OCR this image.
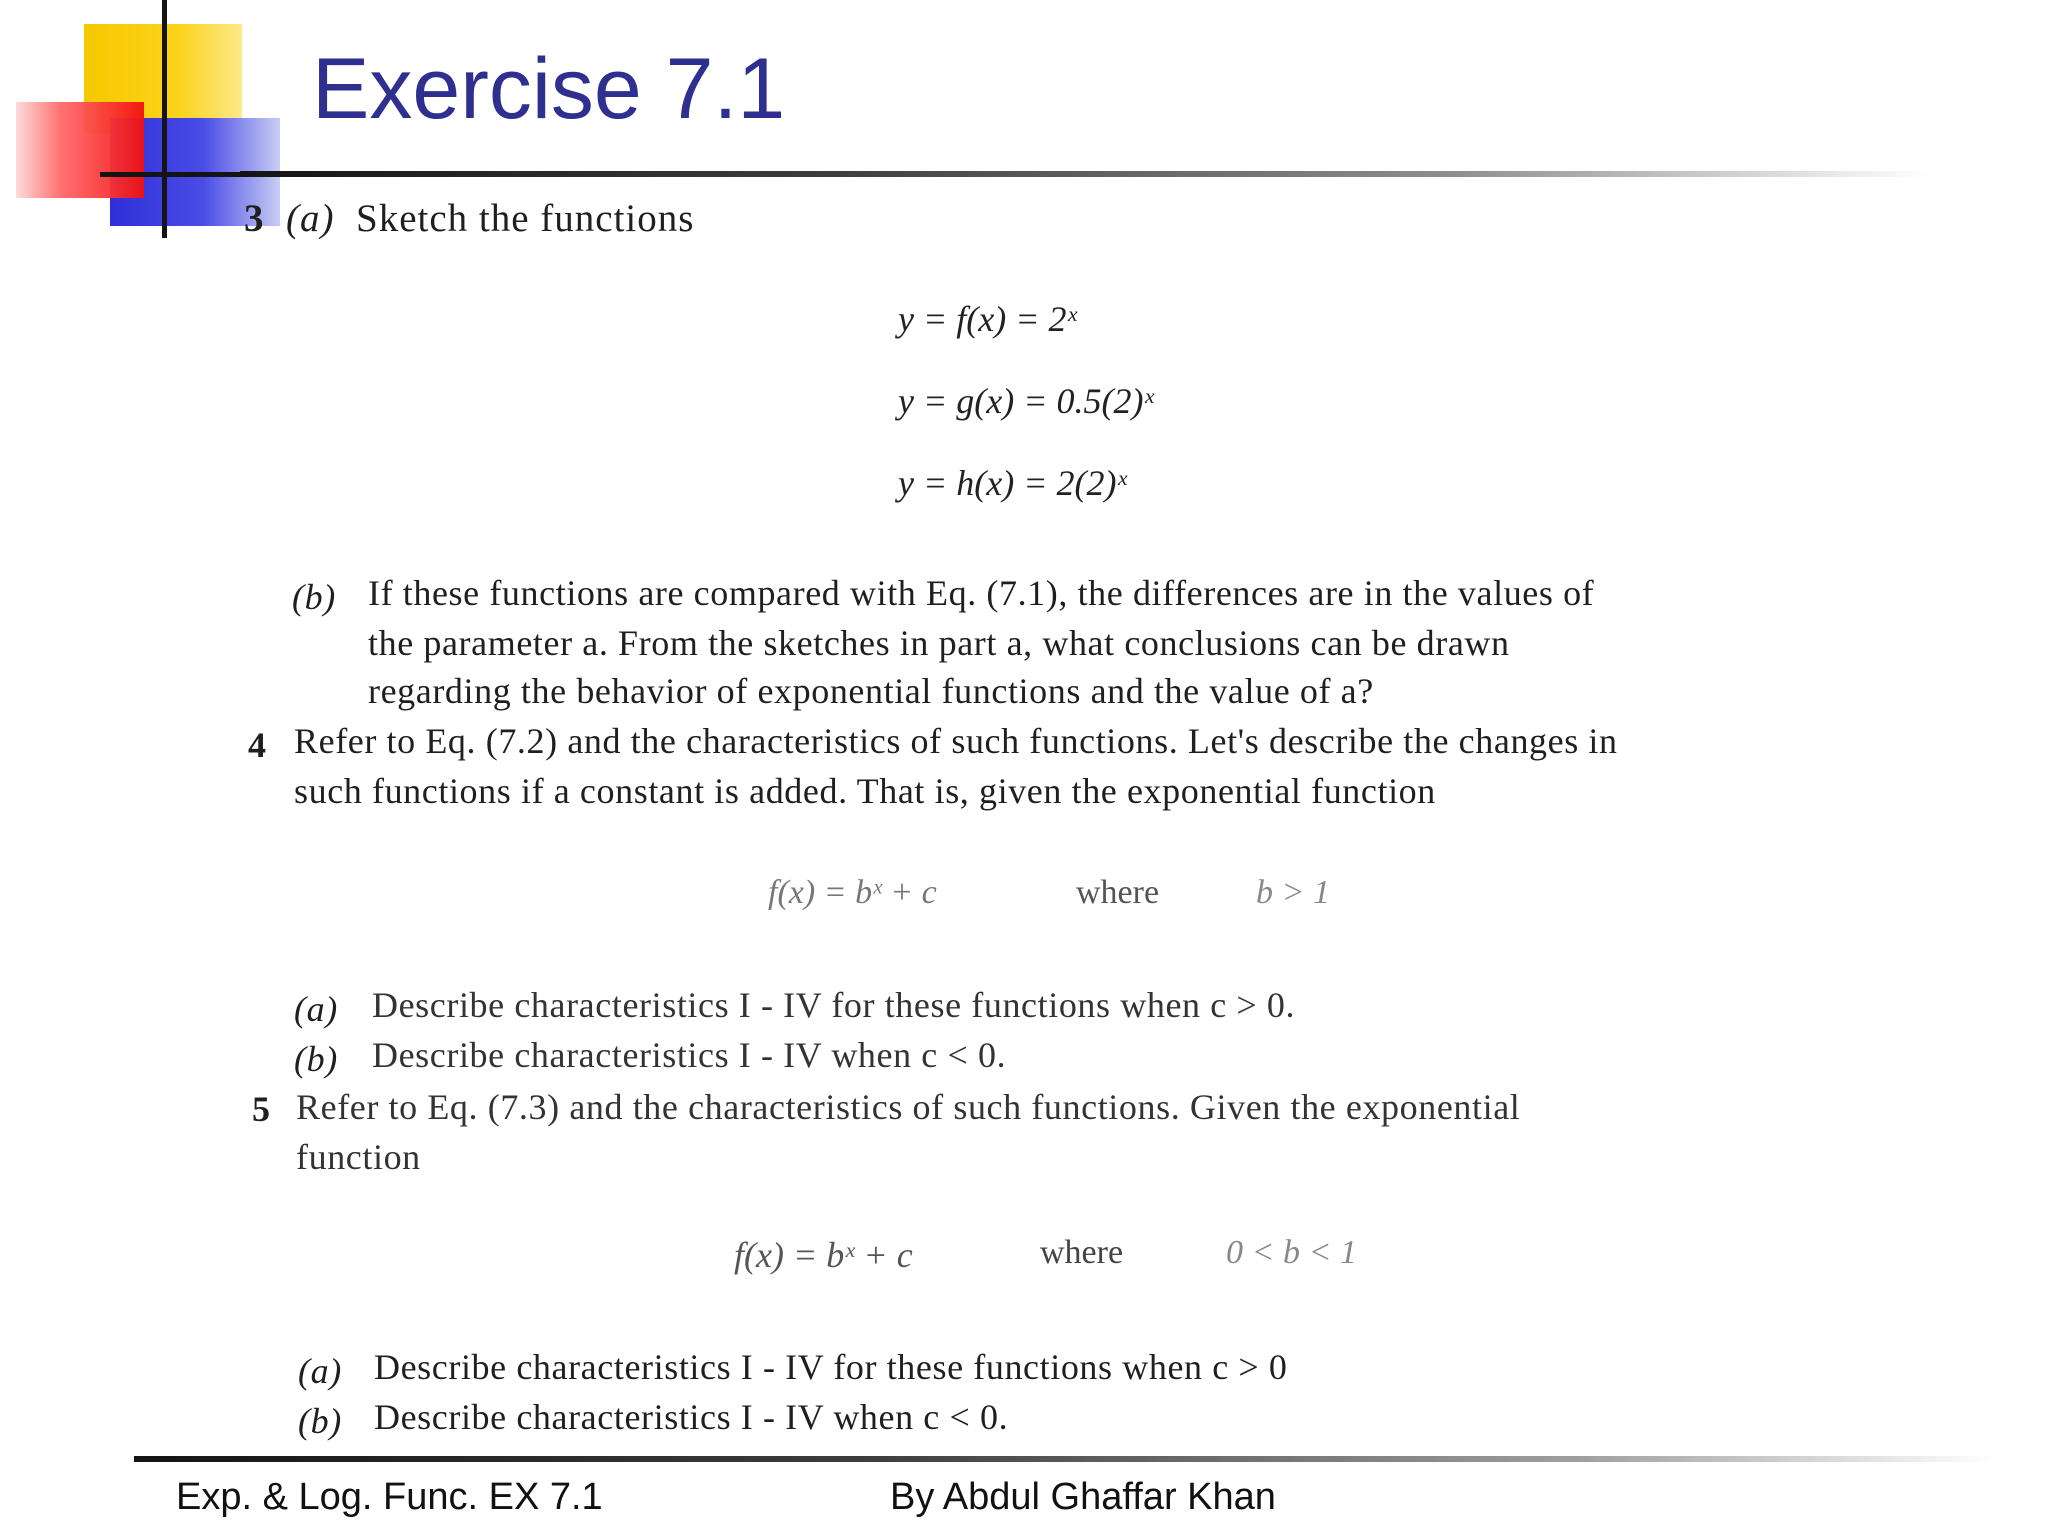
Exercise 7.1
3 (a) Sketch the functions
y = f(x) = 2ˣ
y = g(x) = 0.5(2)ˣ
y = h(x) = 2(2)ˣ
(b) If these functions are compared with Eq. (7.1), the differences are in the values of
the parameter a. From the sketches in part a, what conclusions can be drawn
regarding the behavior of exponential functions and the value of a?
4 Refer to Eq. (7.2) and the characteristics of such functions. Let's describe the changes in
such functions if a constant is added. That is, given the exponential function
f(x) = bˣ + c	where	b > 1
(a) Describe characteristics I - IV for these functions when c > 0.
(b) Describe characteristics I - IV when c < 0.
5 Refer to Eq. (7.3) and the characteristics of such functions. Given the exponential
function
f(x) = bˣ + c	where	0 < b < 1
(a) Describe characteristics I - IV for these functions when c > 0
(b) Describe characteristics I - IV when c < 0.
Exp. & Log. Func. EX 7.1	By Abdul Ghaffar Khan
